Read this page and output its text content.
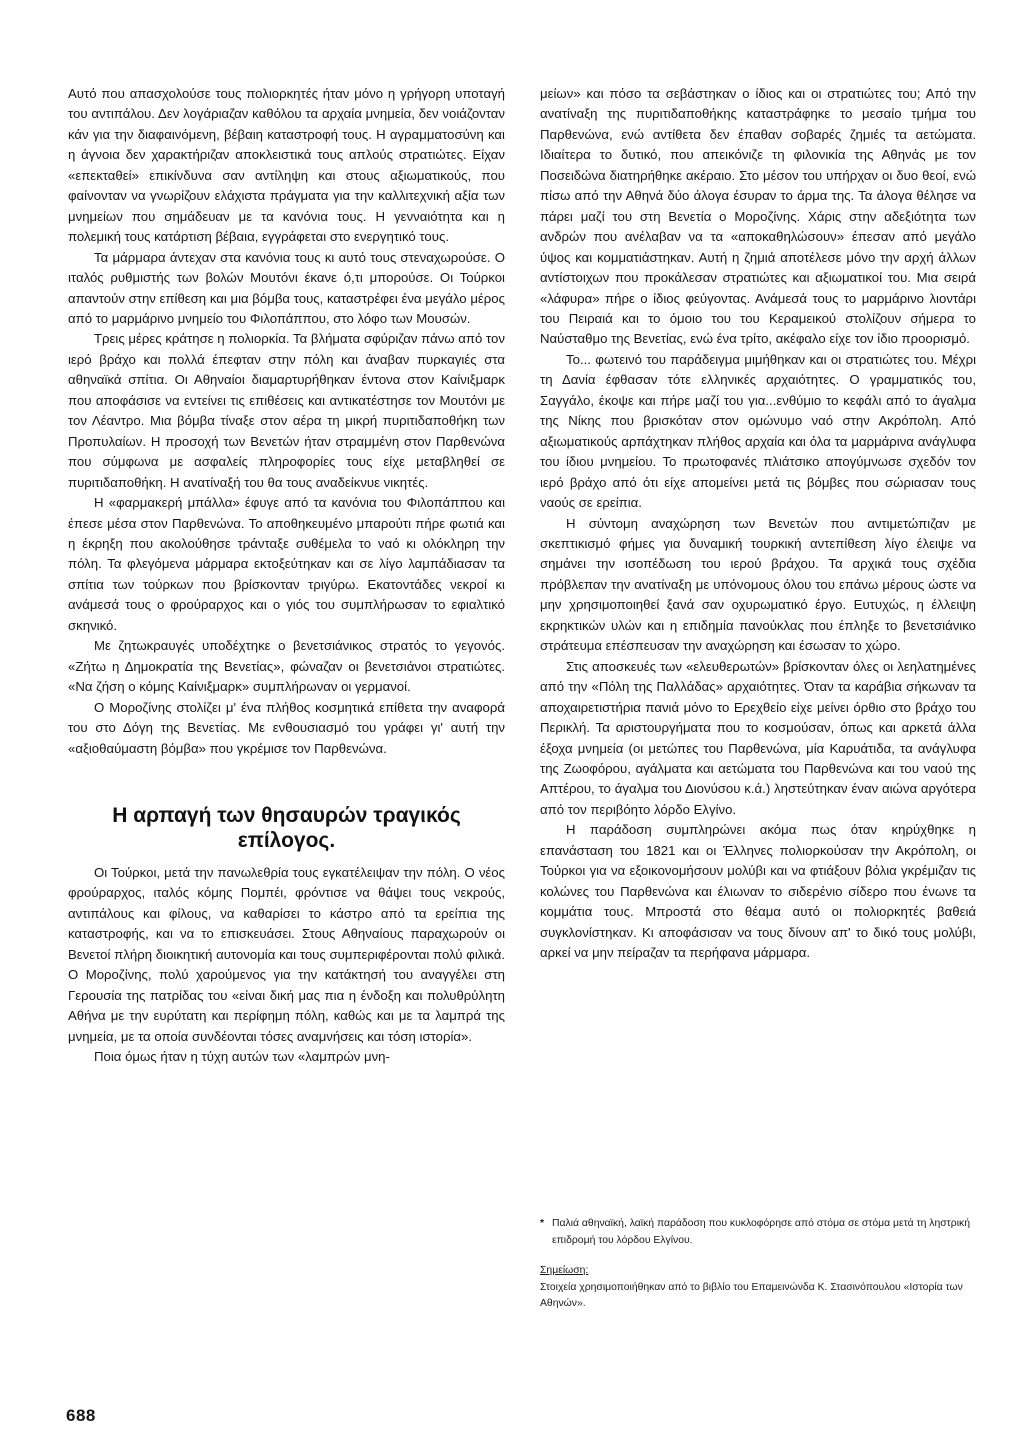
Αυτό που απασχολούσε τους πολιορκητές ήταν μόνο η γρήγορη υποταγή του αντιπάλου. Δεν λογάριαζαν καθόλου τα αρχαία μνημεία, δεν νοιάζονταν κάν για την διαφαινόμενη, βέβαιη καταστροφή τους. Η αγραμματοσύνη και η άγνοια δεν χαρακτήριζαν αποκλειστικά τους απλούς στρατιώτες. Είχαν «επεκταθεί» επικίνδυνα σαν αντίληψη και στους αξιωματικούς, που φαίνονταν να γνωρίζουν ελάχιστα πράγματα για την καλλιτεχνική αξία των μνημείων που σημάδευαν με τα κανόνια τους. Η γενναιότητα και η πολεμική τους κατάρτιση βέβαια, εγγράφεται στο ενεργητικό τους.

Τα μάρμαρα άντεχαν στα κανόνια τους κι αυτό τους στεναχωρούσε. Ο ιταλός ρυθμιστής των βολών Μουτόνι έκανε ό,τι μπορούσε. Οι Τούρκοι απαντούν στην επίθεση και μια βόμβα τους, καταστρέφει ένα μεγάλο μέρος από το μαρμάρινο μνημείο του Φιλοπάππου, στο λόφο των Μουσών.

Τρεις μέρες κράτησε η πολιορκία. Τα βλήματα σφύριζαν πάνω από τον ιερό βράχο και πολλά έπεφταν στην πόλη και άναβαν πυρκαγιές στα αθηναϊκά σπίτια. Οι Αθηναίοι διαμαρτυρήθηκαν έντονα στον Καίνιξμαρκ που αποφάσισε να εντείνει τις επιθέσεις και αντικατέστησε τον Μουτόνι με τον Λέαντρο. Μια βόμβα τίναξε στον αέρα τη μικρή πυριτιδαποθήκη των Προπυλαίων. Η προσοχή των Βενετών ήταν στραμμένη στον Παρθενώνα που σύμφωνα με ασφαλείς πληροφορίες τους είχε μεταβληθεί σε πυριτιδαποθήκη. Η ανατίναξή του θα τους αναδείκνυε νικητές.

Η «φαρμακερή μπάλλα» έφυγε από τα κανόνια του Φιλοπάππου και έπεσε μέσα στον Παρθενώνα. Το αποθηκευμένο μπαρούτι πήρε φωτιά και η έκρηξη που ακολούθησε τράνταξε συθέμελα το ναό κι ολόκληρη την πόλη. Τα φλεγόμενα μάρμαρα εκτοξεύτηκαν και σε λίγο λαμπάδιασαν τα σπίτια των τούρκων που βρίσκονταν τριγύρω. Εκατοντάδες νεκροί κι ανάμεσά τους ο φρούραρχος και ο γιός του συμπλήρωσαν το εφιαλτικό σκηνικό.

Με ζητωκραυγές υποδέχτηκε ο βενετσιάνικος στρατός το γεγονός. «Ζήτω η Δημοκρατία της Βενετίας», φώναζαν οι βενετσιάνοι στρατιώτες. «Να ζήση ο κόμης Καίνιξμαρκ» συμπλήρωναν οι γερμανοί.

Ο Μοροζίνης στολίζει μ' ένα πλήθος κοσμητικά επίθετα την αναφορά του στο Δόγη της Βενετίας. Με ενθουσιασμό του γράφει γι' αυτή την «αξιοθαύμαστη βόμβα» που γκρέμισε τον Παρθενώνα.

Η αρπαγή των θησαυρών τραγικός επίλογος.

Οι Τούρκοι, μετά την πανωλεθρία τους εγκατέλειψαν την πόλη. Ο νέος φρούραρχος, ιταλός κόμης Πομπέι, φρόντισε να θάψει τους νεκρούς, αντιπάλους και φίλους, να καθαρίσει το κάστρο από τα ερείπια της καταστροφής, και να το επισκευάσει. Στους Αθηναίους παραχωρούν οι Βενετοί πλήρη διοικητική αυτονομία και τους συμπεριφέρονται πολύ φιλικά. Ο Μοροζίνης, πολύ χαρούμενος για την κατάκτησή του αναγγέλει στη Γερουσία της πατρίδας του «είναι δική μας πια η ένδοξη και πολυθρύλητη Αθήνα με την ευρύτατη και περίφημη πόλη, καθώς και με τα λαμπρά της μνημεία, με τα οποία συνδέονται τόσες αναμνήσεις και τόση ιστορία».

Ποια όμως ήταν η τύχη αυτών των «λαμπρών μνη-

μείων» και πόσο τα σεβάστηκαν ο ίδιος και οι στρατιώτες του; Από την ανατίναξη της πυριτιδαποθήκης καταστράφηκε το μεσαίο τμήμα του Παρθενώνα, ενώ αντίθετα δεν έπαθαν σοβαρές ζημιές τα αετώματα. Ιδιαίτερα το δυτικό, που απεικόνιζε τη φιλονικία της Αθηνάς με τον Ποσειδώνα διατηρήθηκε ακέραιο. Στο μέσον του υπήρχαν οι δυο θεοί, ενώ πίσω από την Αθηνά δύο άλογα έσυραν το άρμα της. Τα άλογα θέλησε να πάρει μαζί του στη Βενετία ο Μοροζίνης. Χάρις στην αδεξιότητα των ανδρών που ανέλαβαν να τα «αποκαθηλώσουν» έπεσαν από μεγάλο ύψος και κομματιάστηκαν. Αυτή η ζημιά αποτέλεσε μόνο την αρχή άλλων αντίστοιχων που προκάλεσαν στρατιώτες και αξιωματικοί του. Μια σειρά «λάφυρα» πήρε ο ίδιος φεύγοντας. Ανάμεσά τους το μαρμάρινο λιοντάρι του Πειραιά και το όμοιο του του Κεραμεικού στολίζουν σήμερα το Ναύσταθμο της Βενετίας, ενώ ένα τρίτο, ακέφαλο είχε τον ίδιο προορισμό.

Το... φωτεινό του παράδειγμα μιμήθηκαν και οι στρατιώτες του. Μέχρι τη Δανία έφθασαν τότε ελληνικές αρχαιότητες. Ο γραμματικός του, Σαγγάλο, έκοψε και πήρε μαζί του για...ενθύμιο το κεφάλι από το άγαλμα της Νίκης που βρισκόταν στον ομώνυμο ναό στην Ακρόπολη. Από αξιωματικούς αρπάχτηκαν πλήθος αρχαία και όλα τα μαρμάρινα ανάγλυφα του ίδιου μνημείου. Το πρωτοφανές πλιάτσικο απογύμνωσε σχεδόν τον ιερό βράχο από ότι είχε απομείνει μετά τις βόμβες που σώριασαν τους ναούς σε ερείπια.

Η σύντομη αναχώρηση των Βενετών που αντιμετώπιζαν με σκεπτικισμό φήμες για δυναμική τουρκική αντεπίθεση λίγο έλειψε να σημάνει την ισοπέδωση του ιερού βράχου. Τα αρχικά τους σχέδια πρόβλεπαν την ανατίναξη με υπόνομους όλου του επάνω μέρους ώστε να μην χρησιμοποιηθεί ξανά σαν οχυρωματικό έργο. Ευτυχώς, η έλλειψη εκρηκτικών υλών και η επιδημία πανούκλας που έπληξε το βενετσιάνικο στράτευμα επέσπευσαν την αναχώρηση και έσωσαν το χώρο.

Στις αποσκευές των «ελευθερωτών» βρίσκονταν όλες οι λεηλατημένες από την «Πόλη της Παλλάδας» αρχαιότητες. Όταν τα καράβια σήκωναν τα αποχαιρετιστήρια πανιά μόνο το Ερεχθείο είχε μείνει όρθιο στο βράχο του Περικλή. Τα αριστουργήματα που το κοσμούσαν, όπως και αρκετά άλλα έξοχα μνημεία (οι μετώπες του Παρθενώνα, μία Καρυάτιδα, τα ανάγλυφα της Ζωοφόρου, αγάλματα και αετώματα του Παρθενώνα και του ναού της Απτέρου, το άγαλμα του Διονύσου κ.ά.) ληστεύτηκαν έναν αιώνα αργότερα από τον περιβόητο λόρδο Ελγίνο.

Η παράδοση συμπληρώνει ακόμα πως όταν κηρύχθηκε η επανάσταση του 1821 και οι Έλληνες πολιορκούσαν την Ακρόπολη, οι Τούρκοι για να εξοικονομήσουν μολύβι και να φτιάξουν βόλια γκρέμιζαν τις κολώνες του Παρθενώνα και έλιωναν το σιδερένιο σίδερο που ένωνε τα κομμάτια τους. Μπροστά στο θέαμα αυτό οι πολιορκητές βαθειά συγκλονίστηκαν. Κι αποφάσισαν να τους δίνουν απ' το δικό τους μολύβι, αρκεί να μην πείραζαν τα περήφανα μάρμαρα.

* Παλιά αθηναϊκή, λαϊκή παράδοση που κυκλοφόρησε από στόμα σε στόμα μετά τη ληστρική επιδρομή του λόρδου Ελγίνου.
Σημείωση:
Στοιχεία χρησιμοποιήθηκαν από το βιβλίο του Επαμεινώνδα Κ. Στασινόπουλου «Ιστορία των Αθηνών».
688
